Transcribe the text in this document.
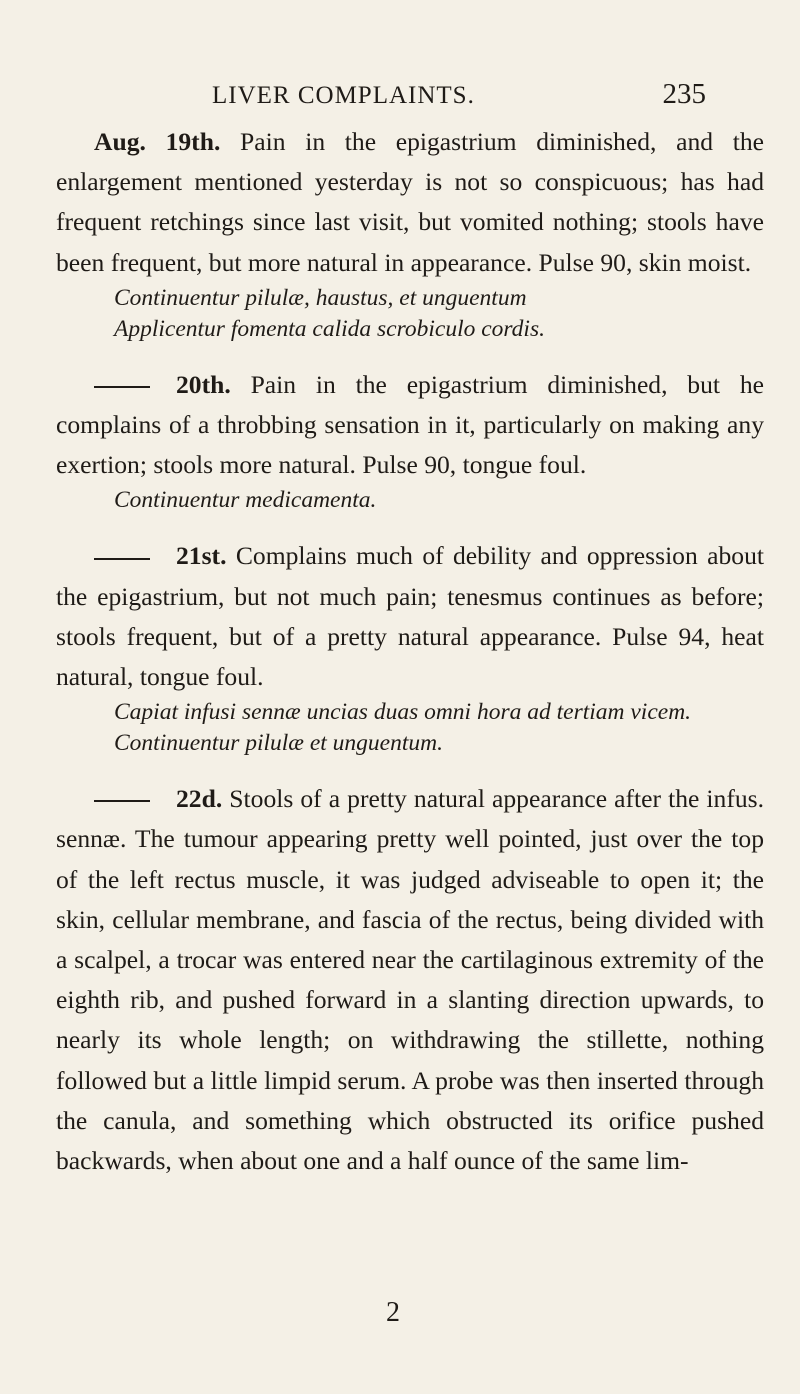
LIVER COMPLAINTS.	235

Aug. 19th. Pain in the epigastrium diminished, and the enlargement mentioned yesterday is not so conspicuous; has had frequent retchings since last visit, but vomited nothing; stools have been frequent, but more natural in appearance. Pulse 90, skin moist.

Continuentur pilulæ, haustus, et unguentum

Applicentur fomenta calida scrobiculo cordis.

20th. Pain in the epigastrium diminished, but he complains of a throbbing sensation in it, particularly on making any exertion; stools more natural. Pulse 90, tongue foul.

Continuentur medicamenta.

21st. Complains much of debility and oppression about the epigastrium, but not much pain; tenesmus continues as before; stools frequent, but of a pretty natural appearance. Pulse 94, heat natural, tongue foul.

Capiat infusi sennæ uncias duas omni hora ad tertiam vicem.

Continuentur pilulæ et unguentum.

22d. Stools of a pretty natural appearance after the infus. sennæ. The tumour appearing pretty well pointed, just over the top of the left rectus muscle, it was judged adviseable to open it; the skin, cellular membrane, and fascia of the rectus, being divided with a scalpel, a trocar was entered near the cartilaginous extremity of the eighth rib, and pushed forward in a slanting direction upwards, to nearly its whole length; on withdrawing the stillette, nothing followed but a little limpid serum. A probe was then inserted through the canula, and something which obstructed its orifice pushed backwards, when about one and a half ounce of the same lim-

2
